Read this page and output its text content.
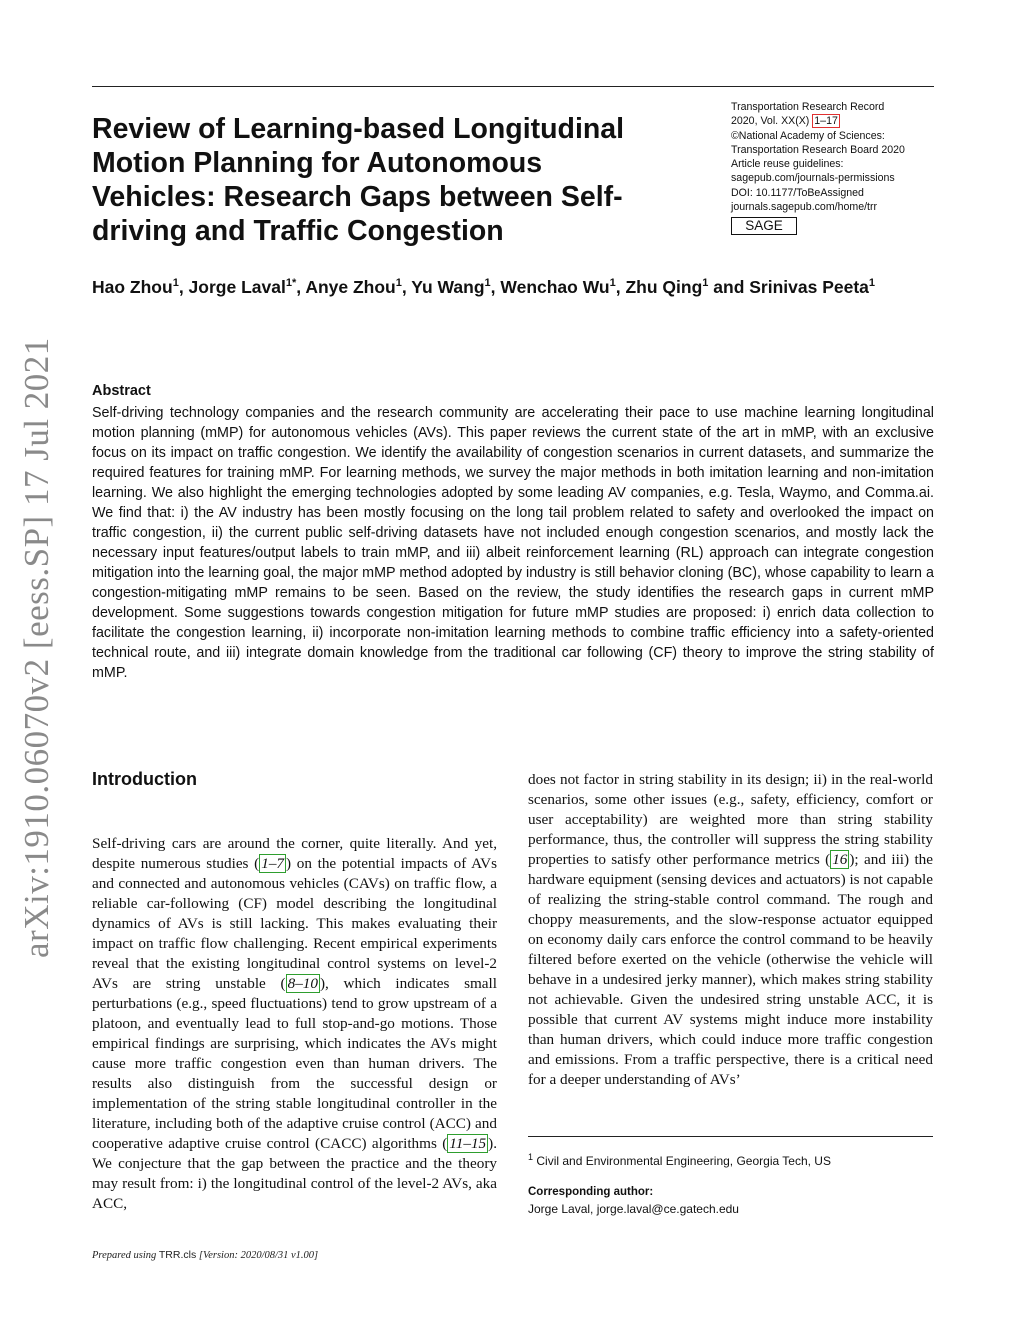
arXiv:1910.06070v2 [eess.SP] 17 Jul 2021
Review of Learning-based Longitudinal Motion Planning for Autonomous Vehicles: Research Gaps between Self-driving and Traffic Congestion
Transportation Research Record
2020, Vol. XX(X) 1–17
©National Academy of Sciences:
Transportation Research Board 2020
Article reuse guidelines:
sagepub.com/journals-permissions
DOI: 10.1177/ToBeAssigned
journals.sagepub.com/home/trr
SAGE

Hao Zhou$^1$, Jorge Laval$^{1*}$, Anye Zhou$^1$, Yu Wang$^1$, Wenchao Wu$^1$, Zhu Qing$^1$ and Srinivas Peeta$^1$

Abstract

Self-driving technology companies and the research community are accelerating their pace to use machine learning longitudinal motion planning (mMP) for autonomous vehicles (AVs). This paper reviews the current state of the art in mMP, with an exclusive focus on its impact on traffic congestion. We identify the availability of congestion scenarios in current datasets, and summarize the required features for training mMP. For learning methods, we survey the major methods in both imitation learning and non-imitation learning. We also highlight the emerging technologies adopted by some leading AV companies, e.g. Tesla, Waymo, and Comma.ai. We find that: i) the AV industry has been mostly focusing on the long tail problem related to safety and overlooked the impact on traffic congestion, ii) the current public self-driving datasets have not included enough congestion scenarios, and mostly lack the necessary input features/output labels to train mMP, and iii) albeit reinforcement learning (RL) approach can integrate congestion mitigation into the learning goal, the major mMP method adopted by industry is still behavior cloning (BC), whose capability to learn a congestion-mitigating mMP remains to be seen. Based on the review, the study identifies the research gaps in current mMP development. Some suggestions towards congestion mitigation for future mMP studies are proposed: i) enrich data collection to facilitate the congestion learning, ii) incorporate non-imitation learning methods to combine traffic efficiency into a safety-oriented technical route, and iii) integrate domain knowledge from the traditional car following (CF) theory to improve the string stability of mMP.

Introduction

Self-driving cars are around the corner, quite literally. And yet, despite numerous studies ( 1–7 ) on the potential impacts of AVs and connected and autonomous vehicles (CAVs) on traffic flow, a reliable car-following (CF) model describing the longitudinal dynamics of AVs is still lacking. This makes evaluating their impact on traffic flow challenging. Recent empirical experiments reveal that the existing longitudinal control systems on level-2 AVs are string unstable ( 8–10 ), which indicates small perturbations (e.g., speed fluctuations) tend to grow upstream of a platoon, and eventually lead to full stop-and-go motions. Those empirical findings are surprising, which indicates the AVs might cause more traffic congestion even than human drivers. The results also distinguish from the successful design or implementation of the string stable longitudinal controller in the literature, including both of the adaptive cruise control (ACC) and cooperative adaptive cruise control (CACC) algorithms ( 11–15 ). We conjecture that the gap between the practice and the theory may result from: i) the longitudinal control of the level-2 AVs, aka ACC,

does not factor in string stability in its design; ii) in the real-world scenarios, some other issues (e.g., safety, efficiency, comfort or user acceptability) are weighted more than string stability performance, thus, the controller will suppress the string stability properties to satisfy other performance metrics ( 16 ); and iii) the hardware equipment (sensing devices and actuators) is not capable of realizing the string-stable control command. The rough and choppy measurements, and the slow-response actuator equipped on economy daily cars enforce the control command to be heavily filtered before exerted on the vehicle (otherwise the vehicle will behave in a undesired jerky manner), which makes string stability not achievable. Given the undesired string unstable ACC, it is possible that current AV systems might induce more instability than human drivers, which could induce more traffic congestion and emissions. From a traffic perspective, there is a critical need for a deeper understanding of AVs’

$^1$ Civil and Environmental Engineering, Georgia Tech, US
Corresponding author:
Jorge Laval, jorge.laval@ce.gatech.edu
Prepared using TRR.cls [Version: 2020/08/31 v1.00]
